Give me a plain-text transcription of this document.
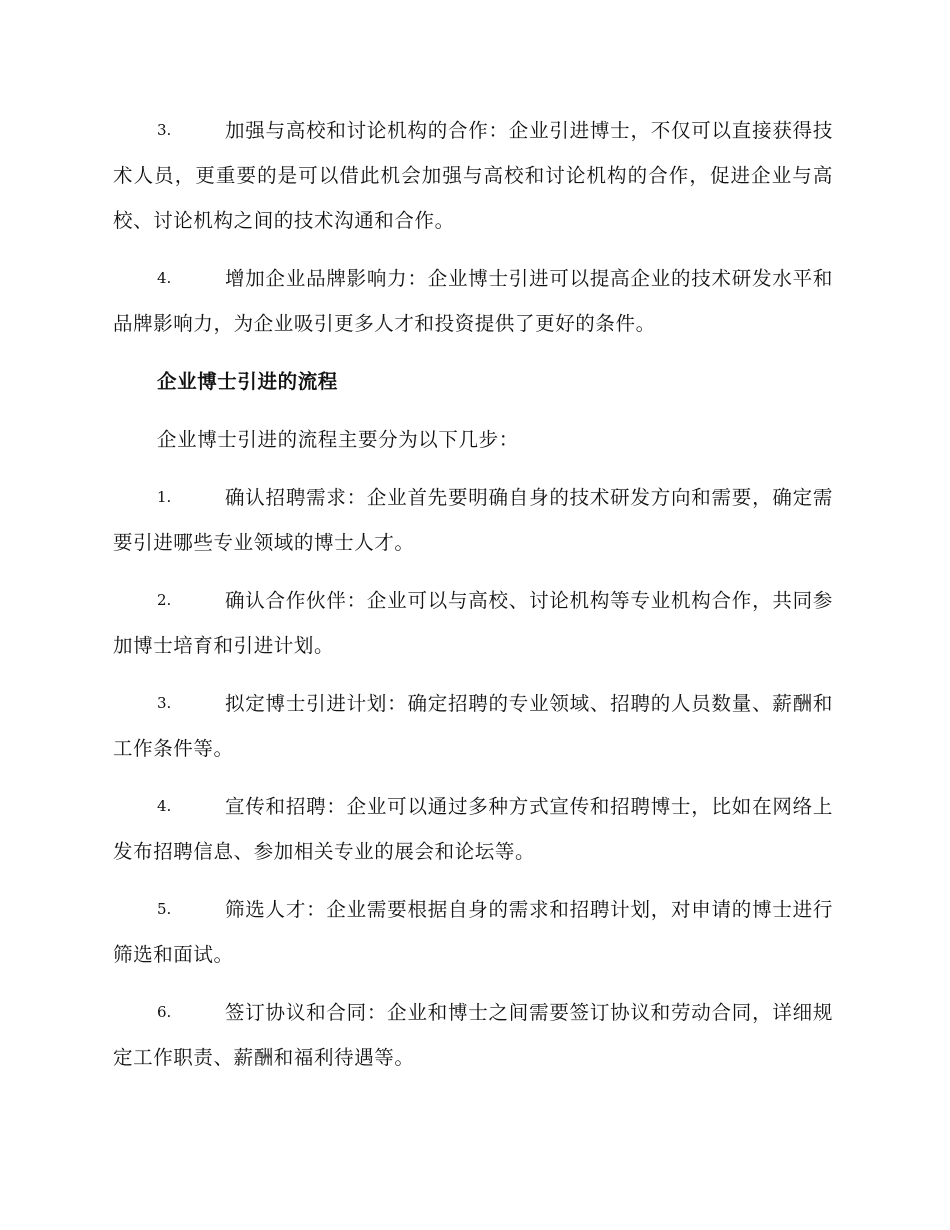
3.	加强与高校和讨论机构的合作：企业引进博士，不仅可以直接获得技术人员，更重要的是可以借此机会加强与高校和讨论机构的合作，促进企业与高校、讨论机构之间的技术沟通和合作。
4.	增加企业品牌影响力：企业博士引进可以提高企业的技术研发水平和品牌影响力，为企业吸引更多人才和投资提供了更好的条件。
企业博士引进的流程
企业博士引进的流程主要分为以下几步：
1.	确认招聘需求：企业首先要明确自身的技术研发方向和需要，确定需要引进哪些专业领域的博士人才。
2.	确认合作伙伴：企业可以与高校、讨论机构等专业机构合作，共同参加博士培育和引进计划。
3.	拟定博士引进计划：确定招聘的专业领域、招聘的人员数量、薪酬和工作条件等。
4.	宣传和招聘：企业可以通过多种方式宣传和招聘博士，比如在网络上发布招聘信息、参加相关专业的展会和论坛等。
5.	筛选人才：企业需要根据自身的需求和招聘计划，对申请的博士进行筛选和面试。
6.	签订协议和合同：企业和博士之间需要签订协议和劳动合同，详细规定工作职责、薪酬和福利待遇等。
